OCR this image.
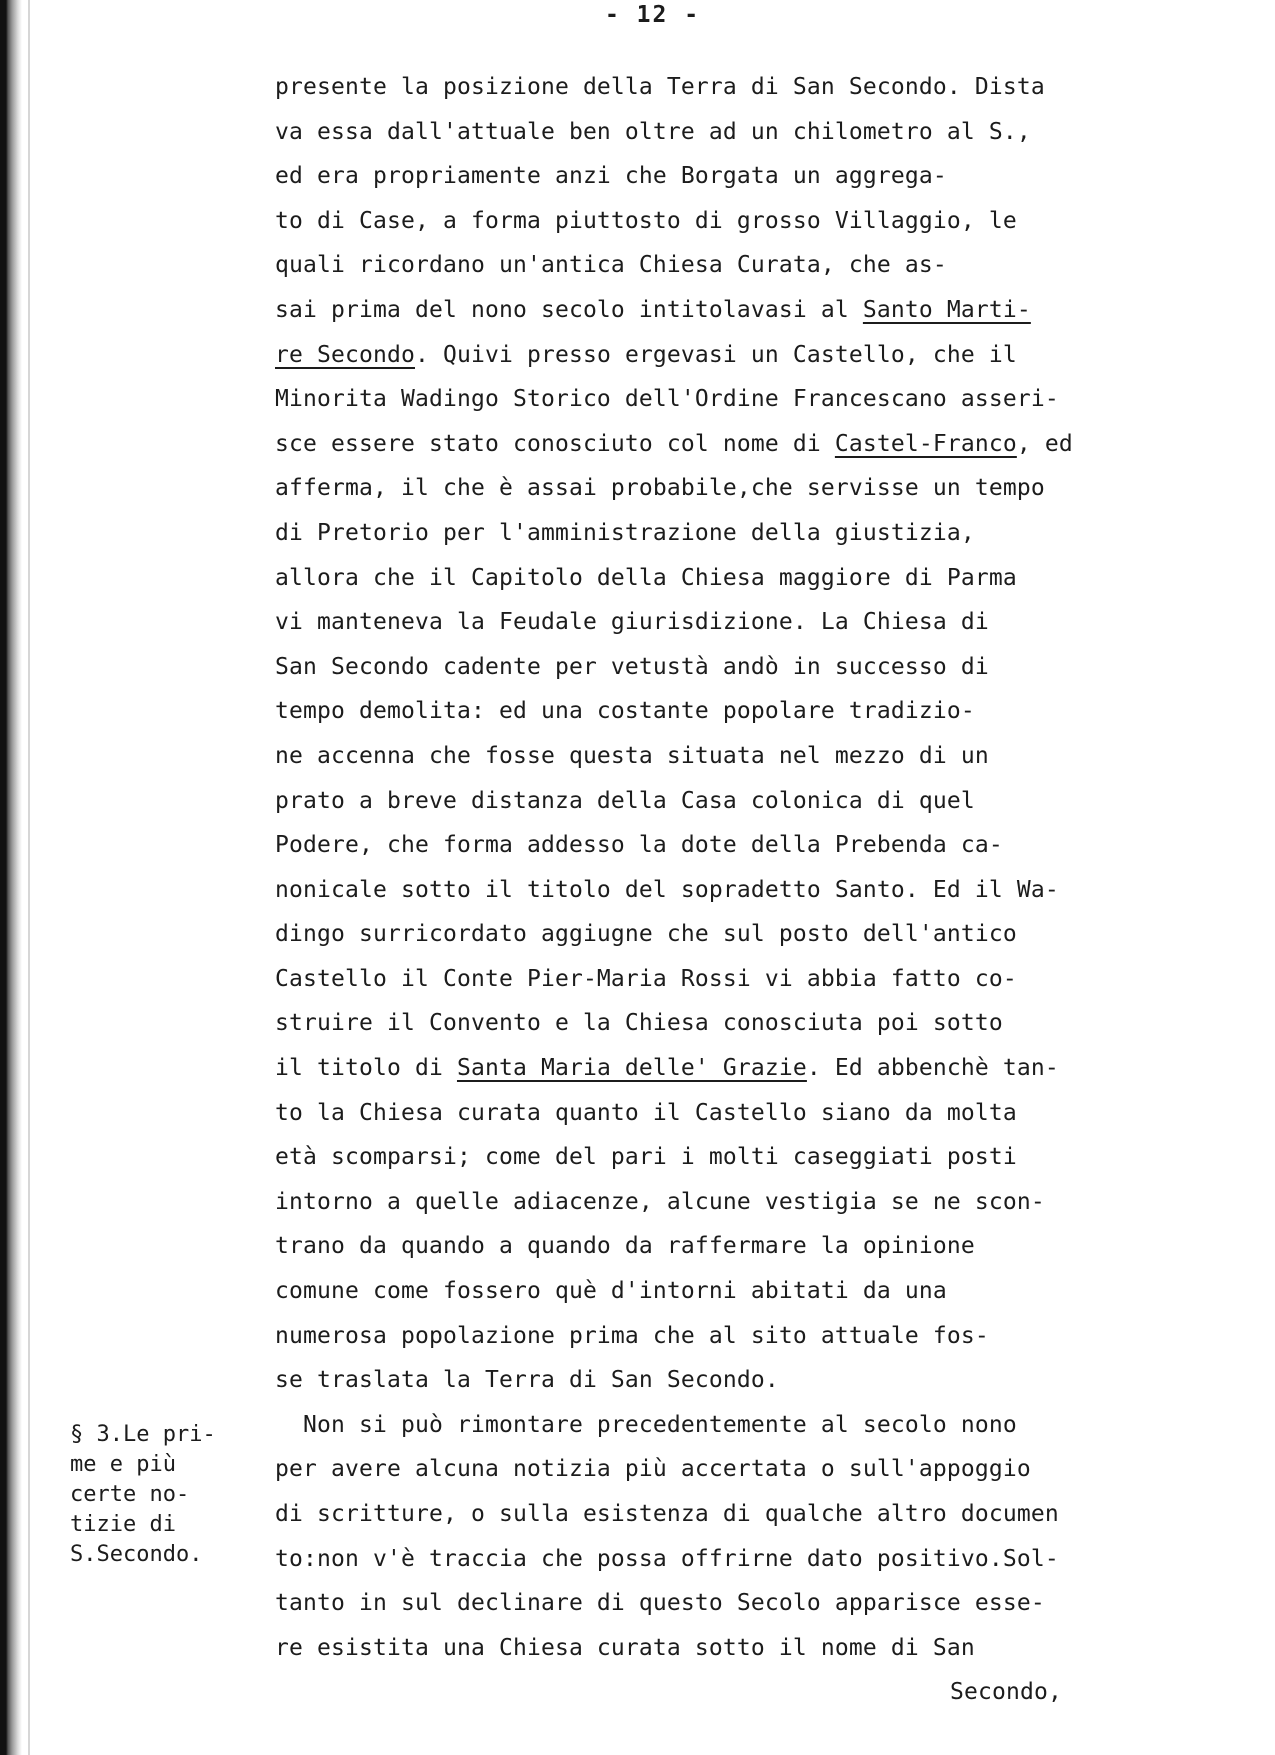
- 12 -
presente la posizione della Terra di San Secondo. Dista
va essa dall'attuale ben oltre ad un chilometro al S.,
ed era propriamente anzi che Borgata un aggrega-
to di Case, a forma piuttosto di grosso Villaggio, le
quali ricordano un'antica Chiesa Curata, che as-
sai prima del nono secolo intitolavasi al Santo Marti-
re Secondo. Quivi presso ergevasi un Castello, che il
Minorita Wadingo Storico dell'Ordine Francescano asseri-
sce essere stato conosciuto col nome di Castel-Franco, ed
afferma, il che è assai probabile,che servisse un tempo
di Pretorio per l'amministrazione della giustizia,
allora che il Capitolo della Chiesa maggiore di Parma
vi manteneva la Feudale giurisdizione. La Chiesa di
San Secondo cadente per vetustà andò in successo di
tempo demolita: ed una costante popolare tradizio-
ne accenna che fosse questa situata nel mezzo di un
prato a breve distanza della Casa colonica di quel
Podere, che forma addesso la dote della Prebenda ca-
nonicale sotto il titolo del sopradetto Santo. Ed il Wa-
dingo surricordato aggiugne che sul posto dell'antico
Castello il Conte Pier-Maria Rossi vi abbia fatto co-
struire il Convento e la Chiesa conosciuta poi sotto
il titolo di Santa Maria delle' Grazie. Ed abbenchè tan-
to la Chiesa curata quanto il Castello siano da molta
età scomparsi; come del pari i molti caseggiati posti
intorno a quelle adiacenze, alcune vestigia se ne scon-
trano da quando a quando da raffermare la opinione
comune come fossero què d'intorni abitati da una
numerosa popolazione prima che al sito attuale fos-
se traslata la Terra di San Secondo.
Non si può rimontare precedentemente al secolo nono
per avere alcuna notizia più accertata o sull'appoggio
di scritture, o sulla esistenza di qualche altro documen
to:non v'è traccia che possa offrirne dato positivo.Sol-
tanto in sul declinare di questo Secolo apparisce esse-
re esistita una Chiesa curata sotto il nome di San
Secondo,
§ 3.Le pri-
me e più
certe no-
tizie di
S.Secondo.
